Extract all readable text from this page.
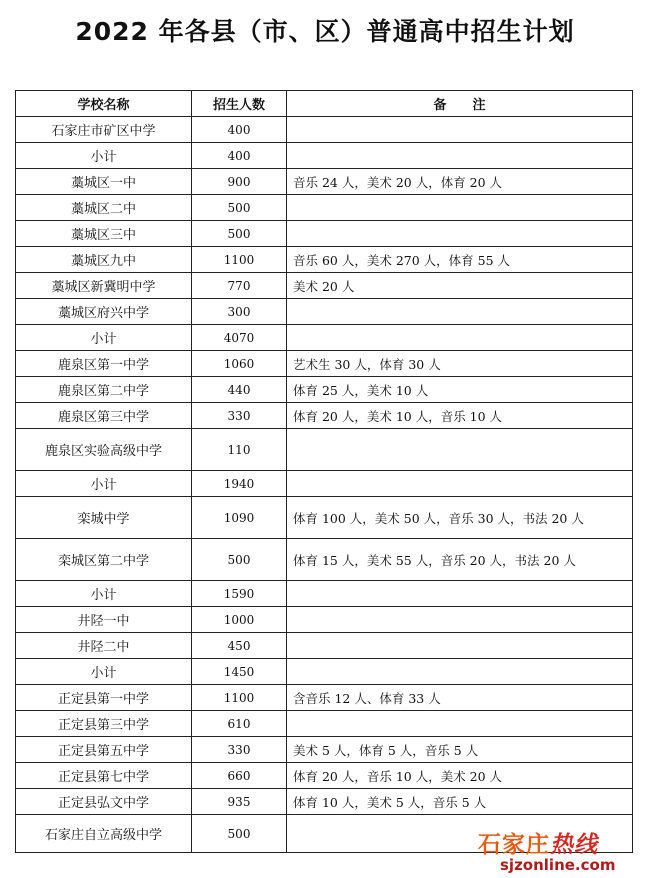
2022 年各县（市、区）普通高中招生计划
学校名称	招生人数	备　　注
石家庄市矿区中学	400	
小计	400	
藁城区一中	900	音乐 24 人，美术 20 人，体育 20 人
藁城区二中	500	
藁城区三中	500	
藁城区九中	1100	音乐 60 人，美术 270 人，体育 55 人
藁城区新冀明中学	770	美术 20 人
藁城区府兴中学	300	
小计	4070	
鹿泉区第一中学	1060	艺术生 30 人，体育 30 人
鹿泉区第二中学	440	体育 25 人，美术 10 人
鹿泉区第三中学	330	体育 20 人，美术 10 人，音乐 10 人
鹿泉区实验高级中学	110	
小计	1940	
栾城中学	1090	体育 100 人，美术 50 人，音乐 30 人，书法 20 人
栾城区第二中学	500	体育 15 人，美术 55 人，音乐 20 人，书法 20 人
小计	1590	
井陉一中	1000	
井陉二中	450	
小计	1450	
正定县第一中学	1100	含音乐 12 人、体育 33 人
正定县第三中学	610	
正定县第五中学	330	美术 5 人，体育 5 人，音乐 5 人
正定县第七中学	660	体育 20 人，音乐 10 人，美术 20 人
正定县弘文中学	935	体育 10 人，美术 5 人，音乐 5 人
石家庄自立高级中学	500		石家庄热线
sjzonline.com
